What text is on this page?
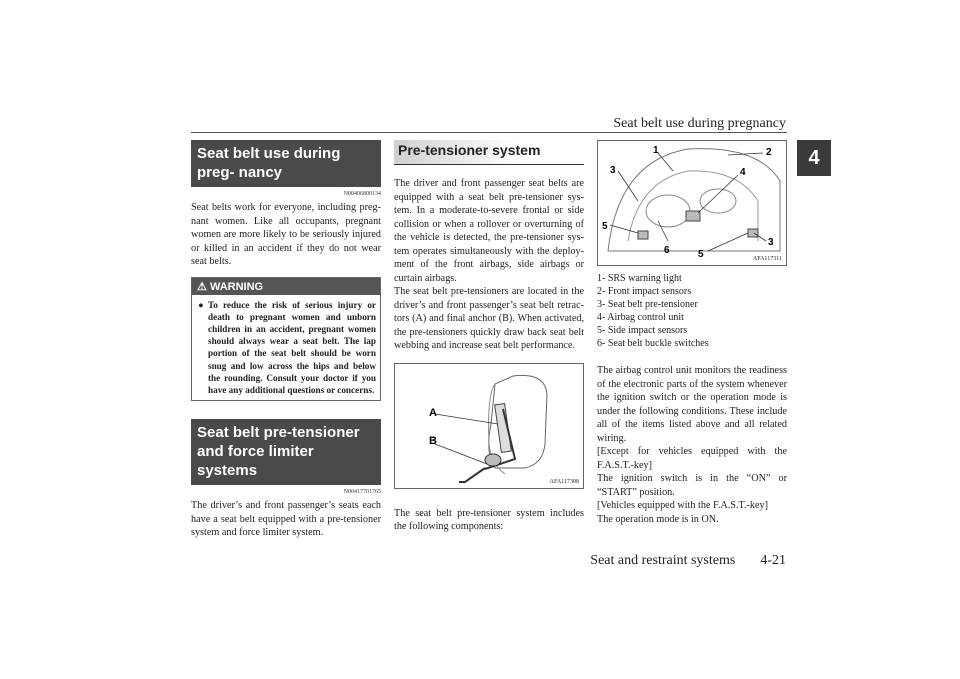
Seat belt use during pregnancy
4
Seat belt use during preg- nancy
N00406800134

Seat belts work for everyone, including preg- nant women. Like all occupants, pregnant women are more likely to be seriously injured or killed in an accident if they do not wear seat belts.

⚠ WARNING
● To reduce the risk of serious injury or death to pregnant women and unborn children in an accident, pregnant women should always wear a seat belt. The lap portion of the seat belt should be worn snug and low across the hips and below the rounding. Consult your doctor if you have any additional questions or concerns.
Seat belt pre-tensioner and force limiter systems
N00417701765

The driver’s and front passenger’s seats each have a seat belt equipped with a pre-tensioner system and force limiter system.

Pre-tensioner system

The driver and front passenger seat belts are equipped with a seat belt pre-tensioner sys- tem. In a moderate-to-severe frontal or side collision or when a rollover or overturning of the vehicle is detected, the pre-tensioner sys- tem operates simultaneously with the deploy- ment of the front airbags, side airbags or curtain airbags.

The seat belt pre-tensioners are located in the driver’s and front passenger’s seat belt retrac- tors (A) and final anchor (B). When activated, the pre-tensioners quickly draw back seat belt webbing and increase seat belt performance.

A
B
AFA117308

The seat belt pre-tensioner system includes the following components:

1	2
3	4
5
6	5
3
AFA117311
1- SRS warning light
2- Front impact sensors
3- Seat belt pre-tensioner
4- Airbag control unit
5- Side impact sensors
6- Seat belt buckle switches

The airbag control unit monitors the readiness of the electronic parts of the system whenever the ignition switch or the operation mode is under the following conditions. These include all of the items listed above and all related wiring.

[Except for vehicles equipped with the F.A.S.T.-key]

The ignition switch is in the “ON” or “START” position.

[Vehicles equipped with the F.A.S.T.-key]

The operation mode is in ON.

Seat and restraint systems 4-21
